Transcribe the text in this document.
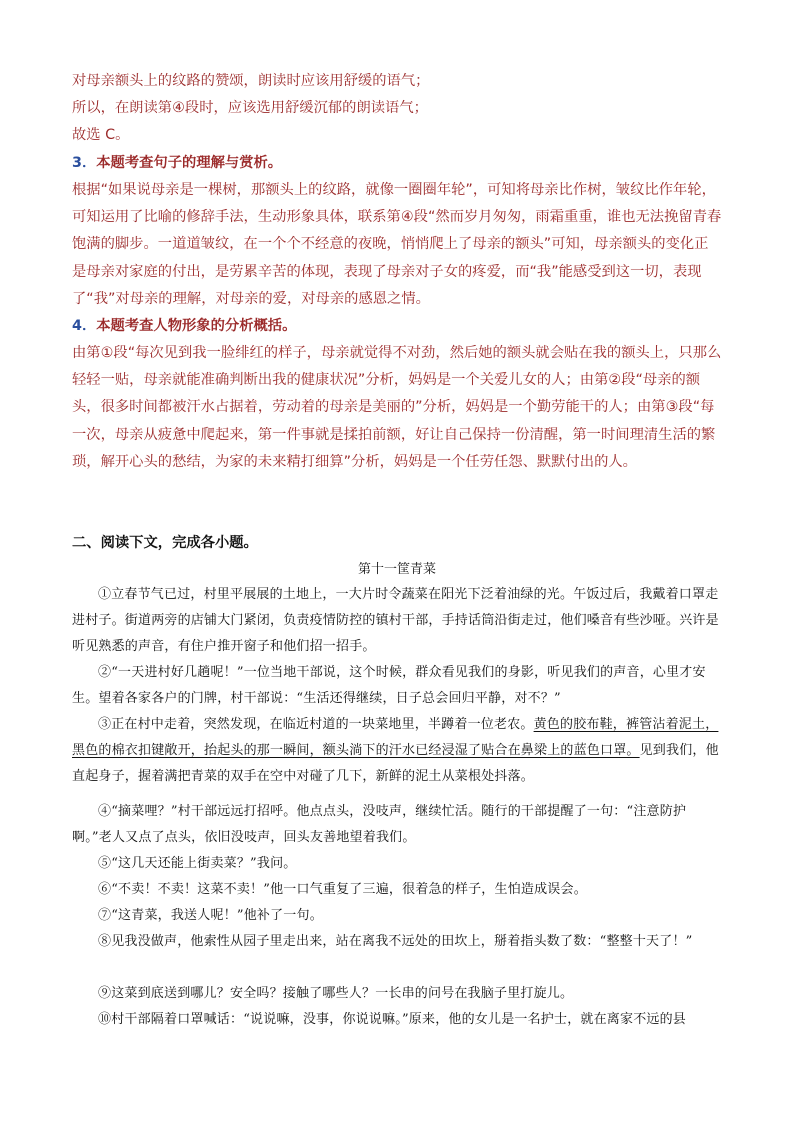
对母亲额头上的纹路的赞颂，朗读时应该用舒缓的语气；

所以，在朗读第④段时，应该选用舒缓沉郁的朗读语气；

故选 C。

3．本题考查句子的理解与赏析。

根据“如果说母亲是一棵树，那额头上的纹路，就像一圈圈年轮”，可知将母亲比作树，皱纹比作年轮，可知运用了比喻的修辞手法，生动形象具体，联系第④段“然而岁月匆匆，雨霜重重，谁也无法挽留青春饱满的脚步。一道道皱纹，在一个个不经意的夜晚，悄悄爬上了母亲的额头”可知，母亲额头的变化正是母亲对家庭的付出，是劳累辛苦的体现，表现了母亲对子女的疼爱，而“我”能感受到这一切，表现了“我”对母亲的理解，对母亲的爱，对母亲的感恩之情。

4．本题考查人物形象的分析概括。

由第①段“每次见到我一脸绯红的样子，母亲就觉得不对劲，然后她的额头就会贴在我的额头上，只那么轻轻一贴，母亲就能准确判断出我的健康状况”分析，妈妈是一个关爱儿女的人；由第②段“母亲的额头，很多时间都被汗水占据着，劳动着的母亲是美丽的”分析，妈妈是一个勤劳能干的人；由第③段“每一次，母亲从疲惫中爬起来，第一件事就是揉拍前额，好让自己保持一份清醒，第一时间理清生活的繁琐，解开心头的愁结，为家的未来精打细算”分析，妈妈是一个任劳任怨、默默付出的人。

二、阅读下文，完成各小题。

第十一筐青菜

①立春节气已过，村里平展展的土地上，一大片时令蔬菜在阳光下泛着油绿的光。午饭过后，我戴着口罩走进村子。街道两旁的店铺大门紧闭，负责疫情防控的镇村干部，手持话筒沿街走过，他们嗓音有些沙哑。兴许是听见熟悉的声音，有住户推开窗子和他们招一招手。

②“一天进村好几趟呢！”一位当地干部说，这个时候，群众看见我们的身影，听见我们的声音，心里才安生。望着各家各户的门牌，村干部说：“生活还得继续，日子总会回归平静，对不？”

③正在村中走着，突然发现，在临近村道的一块菜地里，半蹲着一位老农。黄色的胶布鞋，裤管沾着泥土，黑色的棉衣扣键敞开，抬起头的那一瞬间，额头淌下的汗水已经浸湿了贴合在鼻梁上的蓝色口罩。见到我们，他直起身子，握着满把青菜的双手在空中对碰了几下，新鲜的泥土从菜根处抖落。

④“摘菜哩？”村干部远远打招呼。他点点头，没吱声，继续忙活。随行的干部提醒了一句：“注意防护啊。”老人又点了点头，依旧没吱声，回头友善地望着我们。

⑤“这几天还能上街卖菜？”我问。

⑥“不卖！不卖！这菜不卖！”他一口气重复了三遍，很着急的样子，生怕造成误会。

⑦“这青菜，我送人呢！”他补了一句。

⑧见我没做声，他索性从园子里走出来，站在离我不远处的田坎上，掰着指头数了数：“整整十天了！”

⑨这菜到底送到哪儿？安全吗？接触了哪些人？一长串的问号在我脑子里打旋儿。

⑩村干部隔着口罩喊话：“说说嘛，没事，你说说嘛。”原来，他的女儿是一名护士，就在离家不远的县
